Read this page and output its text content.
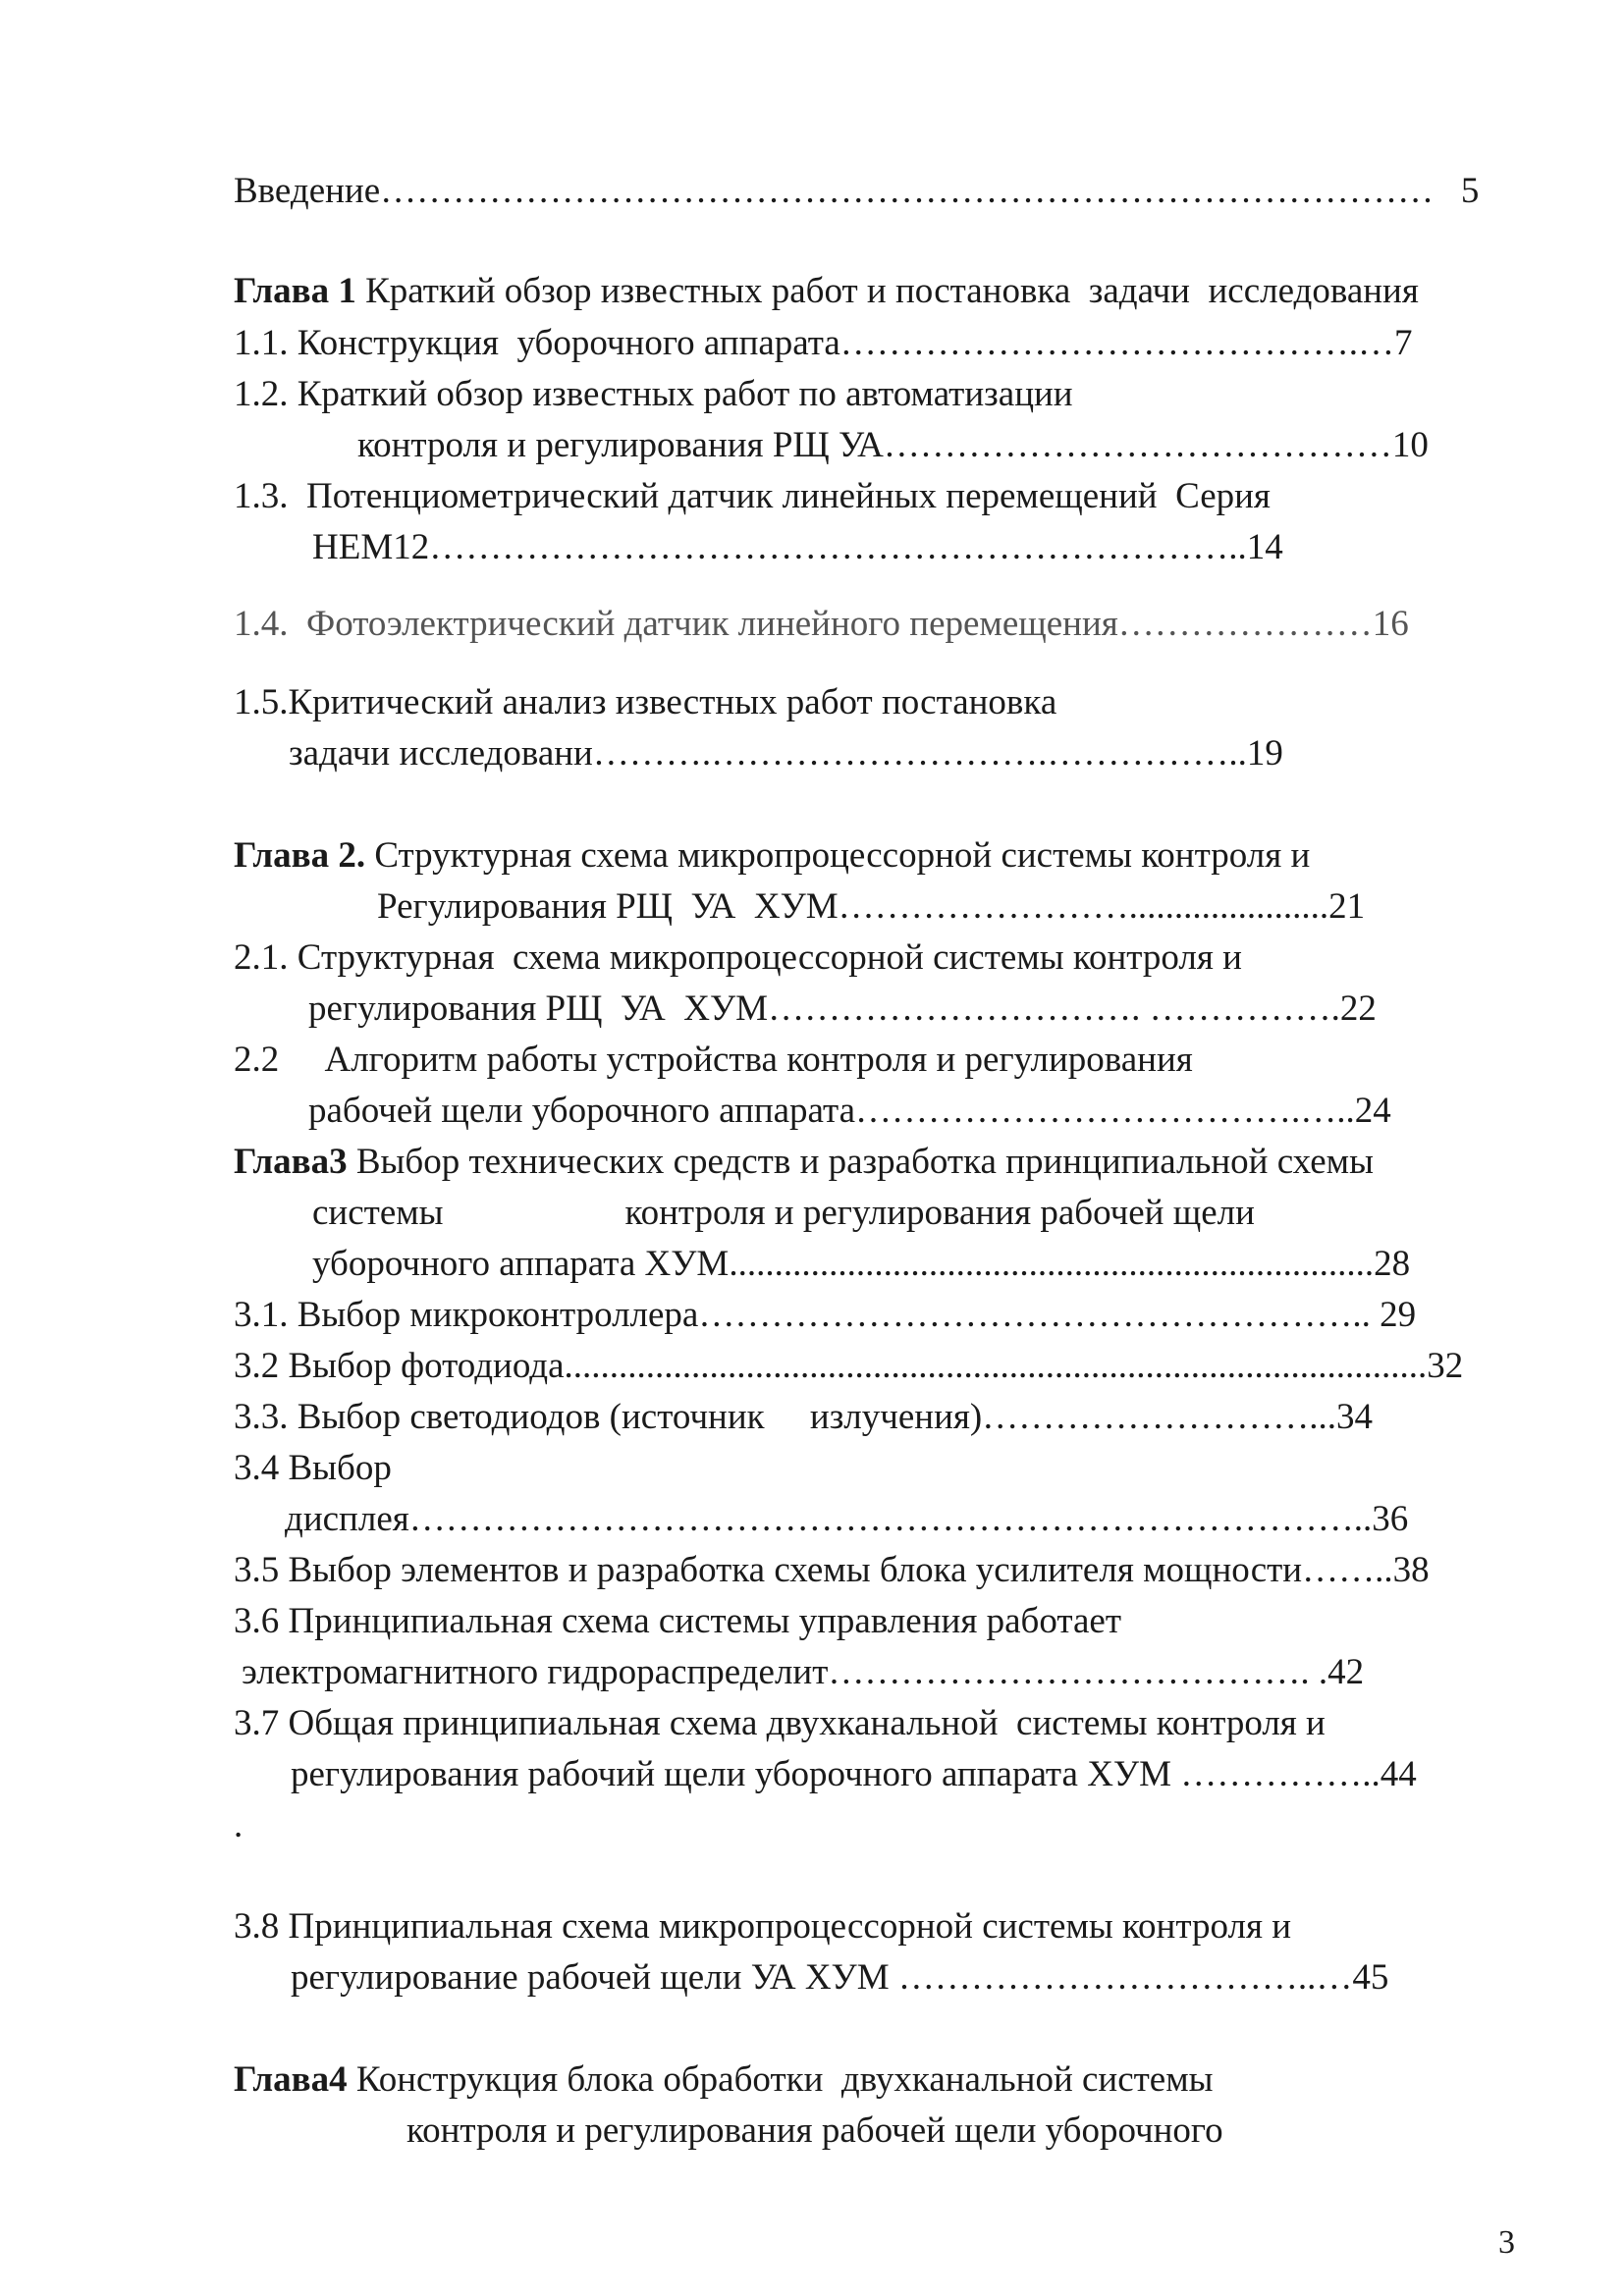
Введение……………………………………………………………………………   5
Глава 1 Краткий обзор известных работ и постановка  задачи  исследования
1.1. Конструкция  уборочного аппарата…………………………………….…7
1.2. Краткий обзор известных работ по автоматизации
контроля и регулирования РЩ УА……………………………………10
1.3.  Потенциометрический датчик линейных перемещений  Серия
НЕМ12…………………………………………………………..14
1.4.  Фотоэлектрический датчик линейного перемещения…………………16
1.5.Критический анализ известных работ постановка
задачи исследовани……….……………………….……………..19
Глава 2. Структурная схема микропроцессорной системы контроля и
Регулирования РЩ  УА  ХУМ……………………......................21
2.1. Структурная  схема микропроцессорной системы контроля и
регулирования РЩ  УА  ХУМ…………………………. …………….22
2.2     Алгоритм работы устройства контроля и регулирования
рабочей щели уборочного аппарата……………………………….…..24
Глава3 Выбор технических средств и разработка принципиальной схемы
системы                    контроля и регулирования рабочей щели
уборочного аппарата ХУМ.......................................................................28
3.1. Выбор микроконтроллера……………………………………………….. 29
3.2 Выбор фотодиода...............................................................................................32
3.3. Выбор светодиодов (источник     излучения)………………………...34
3.4 Выбор
дисплея……………………………………………………………………..36
3.5 Выбор элементов и разработка схемы блока усилителя мощности……..38
3.6 Принципиальная схема системы управления работает
электромагнитного гидрораспределит…………………………………. .42
3.7 Общая принципиальная схема двухканальной  системы контроля и
регулирования рабочий щели уборочного аппарата ХУМ ……………..44
.
3.8 Принципиальная схема микропроцессорной системы контроля и
регулирование рабочей щели УА ХУМ ……………………………..…45
Глава4 Конструкция блока обработки  двухканальной системы
контроля и регулирования рабочей щели уборочного
3
